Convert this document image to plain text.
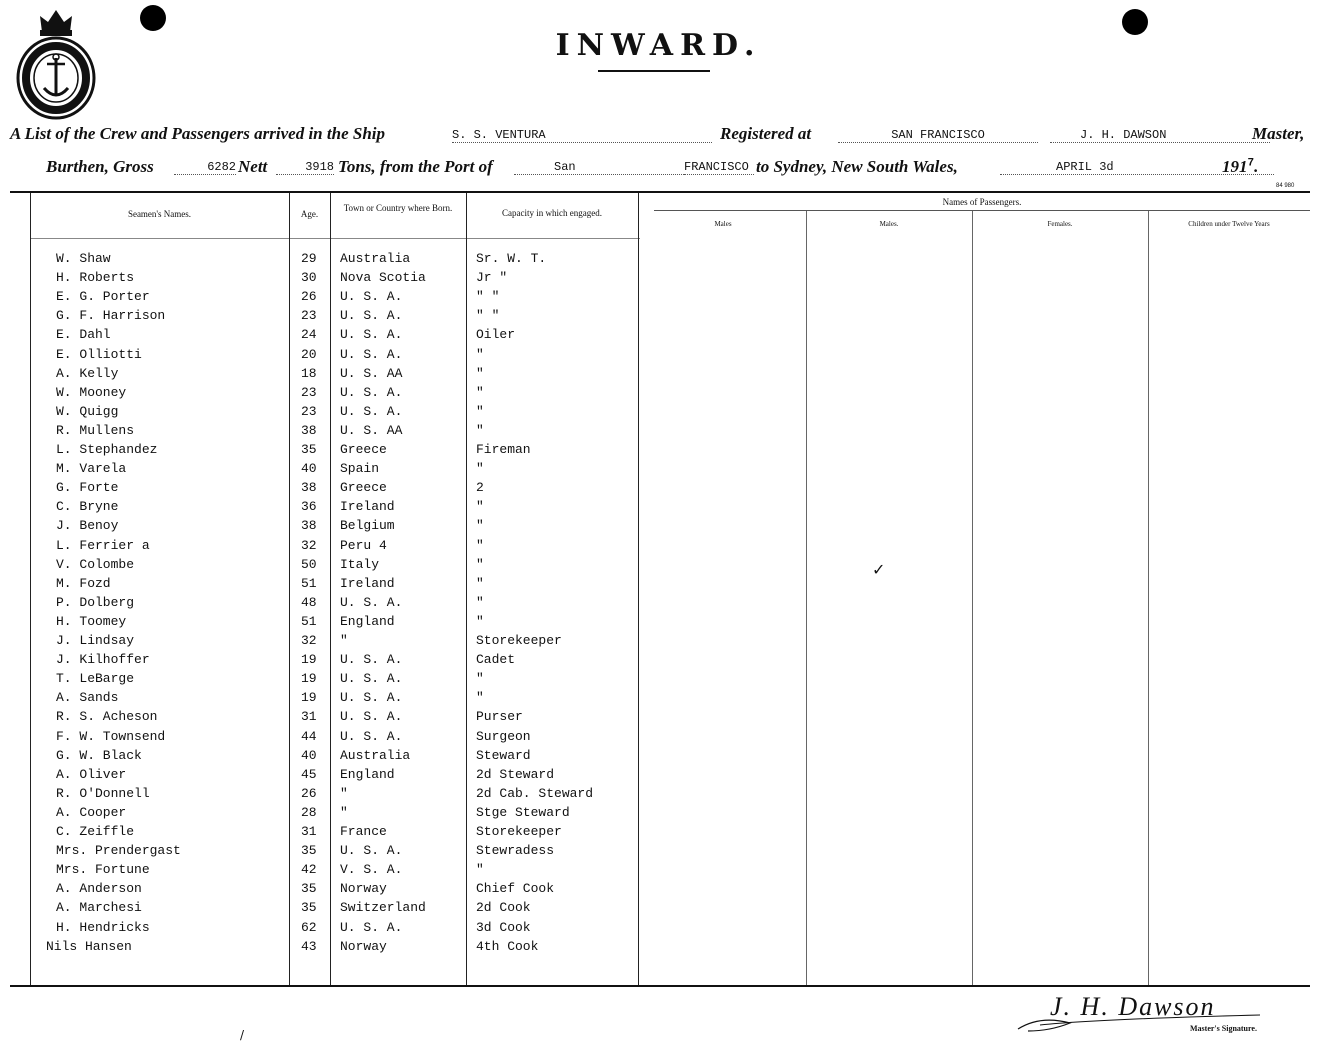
INWARD.
A List of the Crew and Passengers arrived in the Ship	S. S. VENTURA	Registered at	SAN FRANCISCO	J. H. DAWSON	Master,
Burthen, Gross	6282 Nett	3918 Tons, from the Port of	San	FRANCISCO to Sydney, New South Wales,	APRIL 3d	$191^7$.
84 980
Seamen's Names.	Age.
Town or Country where Born.	Capacity in which engaged.
Names of Passengers.
Males	Males.	Females.	Children under Twelve Years
✓
W. Shaw	29 Australia	Sr. W. T.
H. Roberts	30 Nova Scotia	Jr "
E. G. Porter	26 U. S. A.	" "
G. F. Harrison	23 U. S. A.	" "
E. Dahl	24 U. S. A.	Oiler
E. Olliotti	20 U. S. A.	"
A. Kelly	18 U. S. AA	"
W. Mooney	23 U. S. A.	"
W. Quigg	23 U. S. A.	"
R. Mullens	38 U. S. AA	"
L. Stephandez	35 Greece	Fireman
M. Varela	40 Spain	"
G. Forte	38 Greece	2
C. Bryne	36 Ireland	"
J. Benoy	38 Belgium	"
L. Ferrier a	32 Peru 4	"
V. Colombe	50 Italy	"
M. Fozd	51 Ireland	"
P. Dolberg	48 U. S. A.	"
H. Toomey	51 England	"
J. Lindsay	32 "	Storekeeper
J. Kilhoffer	19 U. S. A.	Cadet
T. LeBarge	19 U. S. A.	"
A. Sands	19 U. S. A.	"
R. S. Acheson	31 U. S. A.	Purser
F. W. Townsend	44 U. S. A.	Surgeon
G. W. Black	40 Australia	Steward
A. Oliver	45 England	2d Steward
R. O'Donnell	26 "	2d Cab. Steward
A. Cooper	28 "	Stge Steward
C. Zeiffle	31 France	Storekeeper
Mrs. Prendergast	35 U. S. A.	Stewradess
Mrs. Fortune	42 V. S. A.	"
A. Anderson	35 Norway	Chief Cook
A. Marchesi	35 Switzerland	2d Cook
H. Hendricks	62 U. S. A.	3d Cook
Nils Hansen	43 Norway	4th Cook
J. H. Dawson
Master's Signature.
/
